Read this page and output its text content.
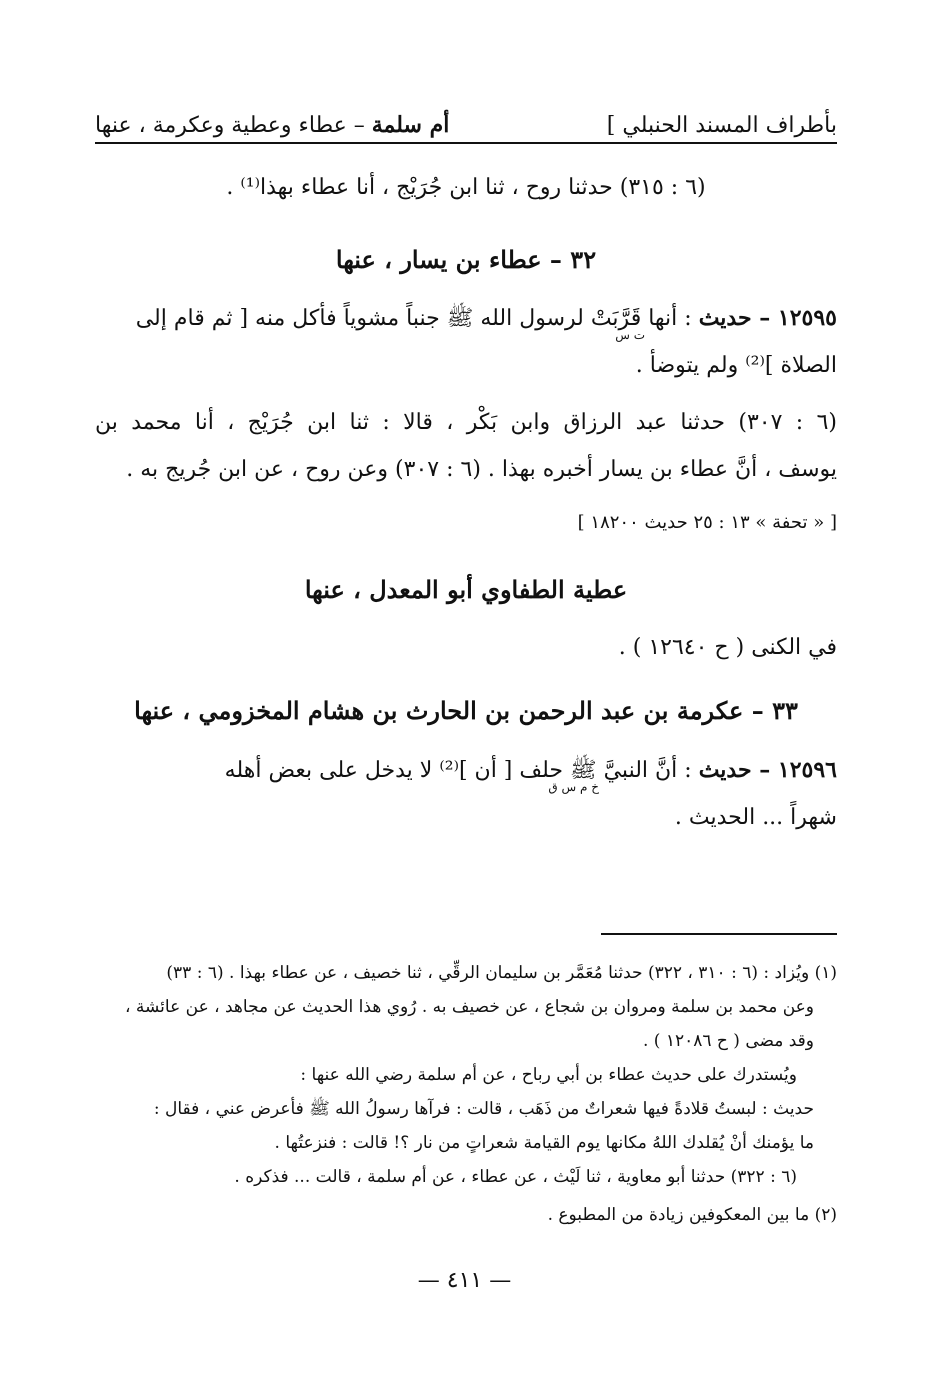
بأطراف المسند الحنبلي ]
أم سلمة – عطاء وعطية وعكرمة ، عنها
(٦ : ٣١٥) حدثنا روح ، ثنا ابن جُرَيْج ، أنا عطاء بهذا⁽¹⁾ .
٣٢ – عطاء بن يسار ، عنها
١٢٥٩٥ – حديث : أنها قَرَّبَتْ لرسول الله ﷺ جنباً مشوياً فأكل منه [ ثم قام إلى
ت س
الصلاة ]⁽²⁾ ولم يتوضأ .
(٦ : ٣٠٧) حدثنا عبد الرزاق وابن بَكْر ، قالا : ثنا ابن جُرَيْج ، أنا محمد بن
يوسف ، أنَّ عطاء بن يسار أخبره بهذا . (٦ : ٣٠٧) وعن روح ، عن ابن جُريج به .
[ « تحفة » ١٣ : ٢٥ حديث ١٨٢٠٠ ]
عطية الطفاوي أبو المعدل ، عنها
في الكنى ( ح ١٢٦٤٠ ) .
٣٣ – عكرمة بن عبد الرحمن بن الحارث بن هشام المخزومي ، عنها
١٢٥٩٦ – حديث : أنَّ النبيَّ ﷺ حلف [ أن ]⁽²⁾ لا يدخل على بعض أهله
خ م س ق
شهراً ... الحديث .
(١) ويُزاد : (٦ : ٣١٠ ، ٣٢٢) حدثنا مُعَمَّر بن سليمان الرقِّي ، ثنا خصيف ، عن عطاء بهذا . (٦ : ٣٣)
وعن محمد بن سلمة ومروان بن شجاع ، عن خصيف به . رُوي هذا الحديث عن مجاهد ، عن عائشة ،
وقد مضى ( ح ١٢٠٨٦ ) .
ويُستدرك على حديث عطاء بن أبي رباح ، عن أم سلمة رضي الله عنها :
حديث : لبستُ قلادةً فيها شعراتٌ من ذَهَب ، قالت : فرآها رسولُ الله ﷺ فأعرض عني ، فقال :
ما يؤمنك أنْ يُقلدك اللهُ مكانها يوم القيامة شعراتٍ من نار ؟! قالت : فنزعتُها .
(٦ : ٣٢٢) حدثنا أبو معاوية ، ثنا لَيْث ، عن عطاء ، عن أم سلمة ، قالت ... فذكره .
(٢) ما بين المعكوفين زيادة من المطبوع .
— ٤١١ —
